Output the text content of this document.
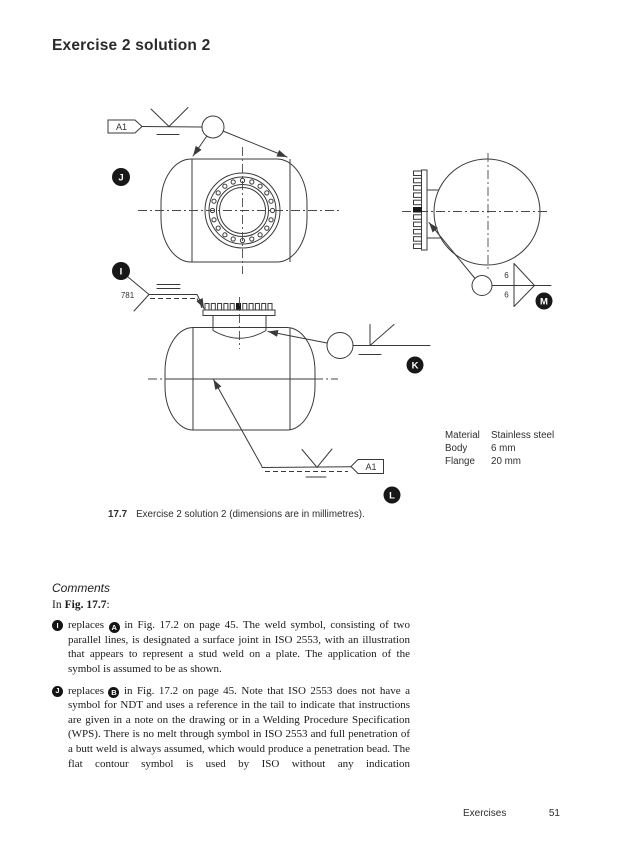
Exercise 2 solution 2
A1
J
6
6
M
I
781
K
A1
L
Material	Stainless steel
Body	6 mm
Flange	20 mm
17.7 Exercise 2 solution 2 (dimensions are in millimetres).
Comments
In Fig. 17.7:
I replaces A in Fig. 17.2 on page 45. The weld symbol, consisting of two parallel lines, is designated a surface joint in ISO 2553, with an illustration that appears to represent a stud weld on a plate. The application of the symbol is assumed to be as shown.
J replaces B in Fig. 17.2 on page 45. Note that ISO 2553 does not have a symbol for NDT and uses a reference in the tail to indicate that instructions are given in a note on the drawing or in a Welding Procedure Specification (WPS). There is no melt through symbol in ISO 2553 and full penetration of a butt weld is always assumed, which would produce a penetration bead. The flat contour symbol is used by ISO without any indication
Exercises	51
